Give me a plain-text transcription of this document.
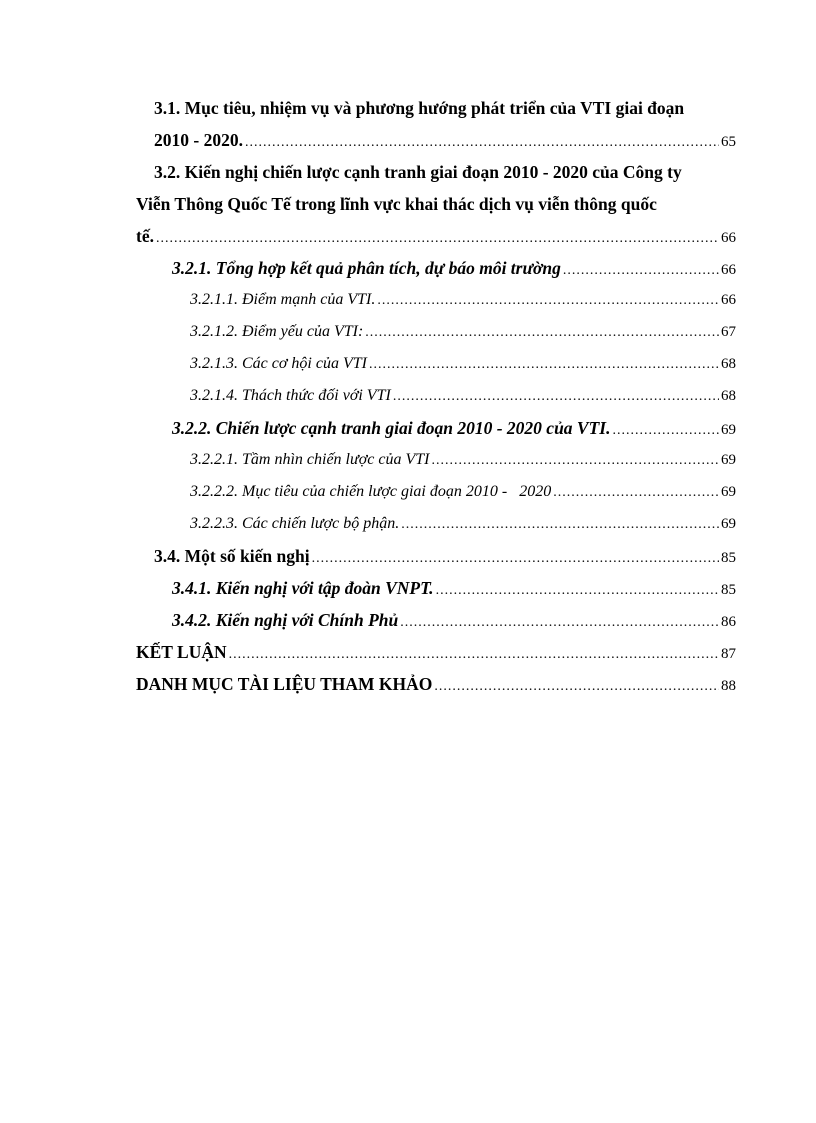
3.1. Mục tiêu, nhiệm vụ và phương hướng phát triển của VTI giai đoạn
2010 - 2020. .....	65
3.2. Kiến nghị chiến lược cạnh tranh giai đoạn 2010 - 2020 của Công ty
Viễn Thông Quốc Tế trong lĩnh vực khai thác dịch vụ viễn thông quốc
tế. .....	66
3.2.1. Tổng hợp kết quả phân tích, dự báo môi trường .....	66
3.2.1.1. Điểm mạnh của VTI. .....	66
3.2.1.2. Điểm yếu của VTI: .....	67
3.2.1.3. Các cơ hội của VTI .....	68
3.2.1.4. Thách thức đối với VTI .....	68
3.2.2. Chiến lược cạnh tranh giai đoạn 2010 - 2020 của VTI. .....	69
3.2.2.1. Tầm nhìn chiến lược của VTI .....	69
3.2.2.2. Mục tiêu của chiến lược giai đoạn 2010 -   2020 .....	69
3.2.2.3. Các chiến lược bộ phận. .....	69
3.4. Một số kiến nghị .....	85
3.4.1. Kiến nghị với tập đoàn VNPT. .....	85
3.4.2. Kiến nghị với Chính Phủ .....	86
KẾT LUẬN .....	87
DANH MỤC TÀI LIỆU THAM KHẢO .....	88
